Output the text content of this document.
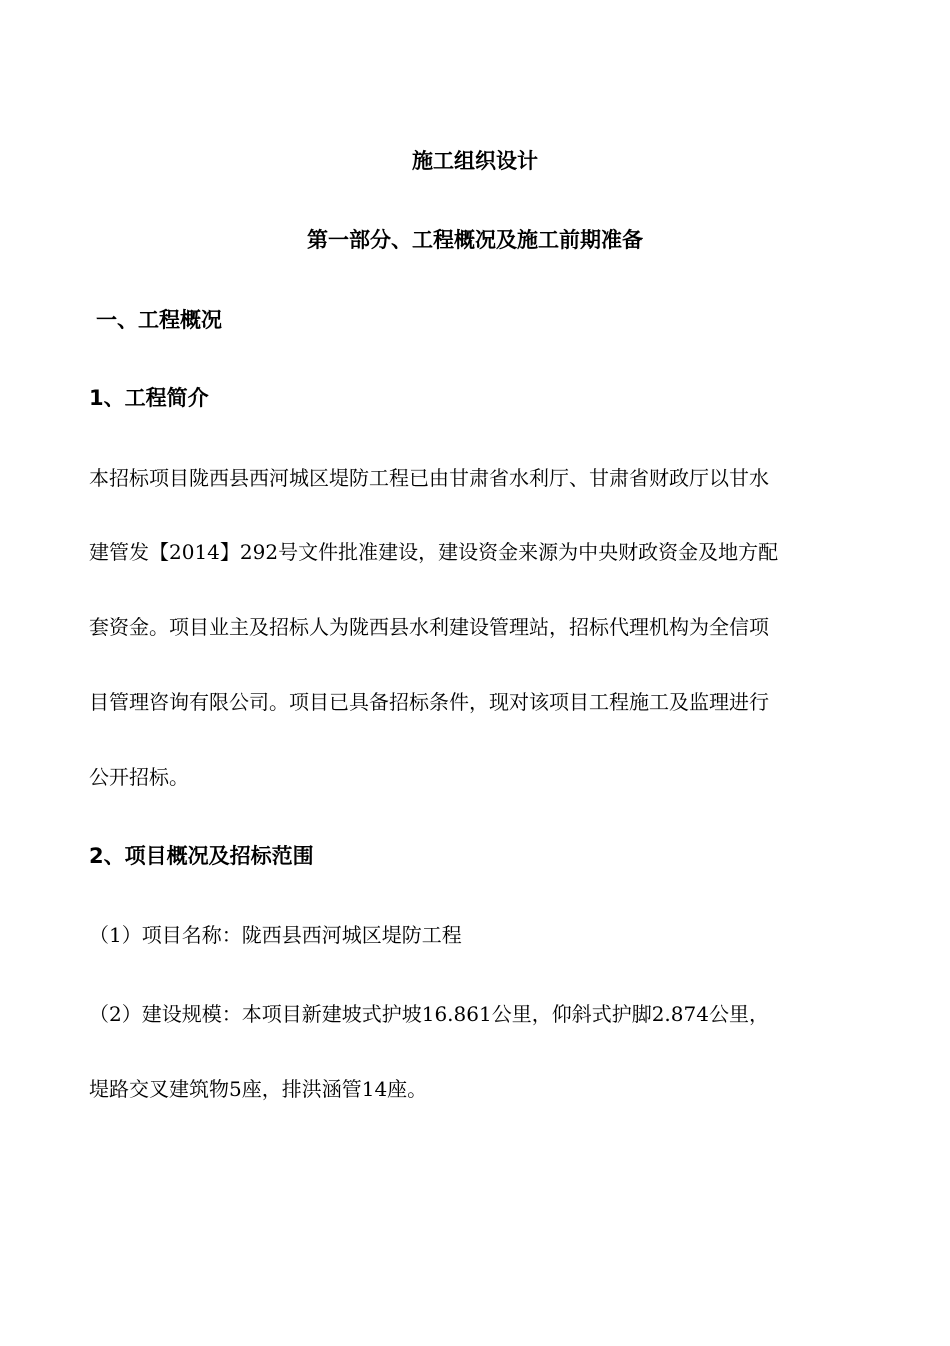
施工组织设计
第一部分、工程概况及施工前期准备
一、工程概况
1、工程简介
本招标项目陇西县西河城区堤防工程已由甘肃省水利厅、甘肃省财政厅以甘水
建管发【2014】292号文件批准建设，建设资金来源为中央财政资金及地方配
套资金。项目业主及招标人为陇西县水利建设管理站，招标代理机构为全信项
目管理咨询有限公司。项目已具备招标条件，现对该项目工程施工及监理进行
公开招标。
2、项目概况及招标范围
（1）项目名称：陇西县西河城区堤防工程
（2）建设规模：本项目新建坡式护坡16.861公里，仰斜式护脚2.874公里，
堤路交叉建筑物5座，排洪涵管14座。
